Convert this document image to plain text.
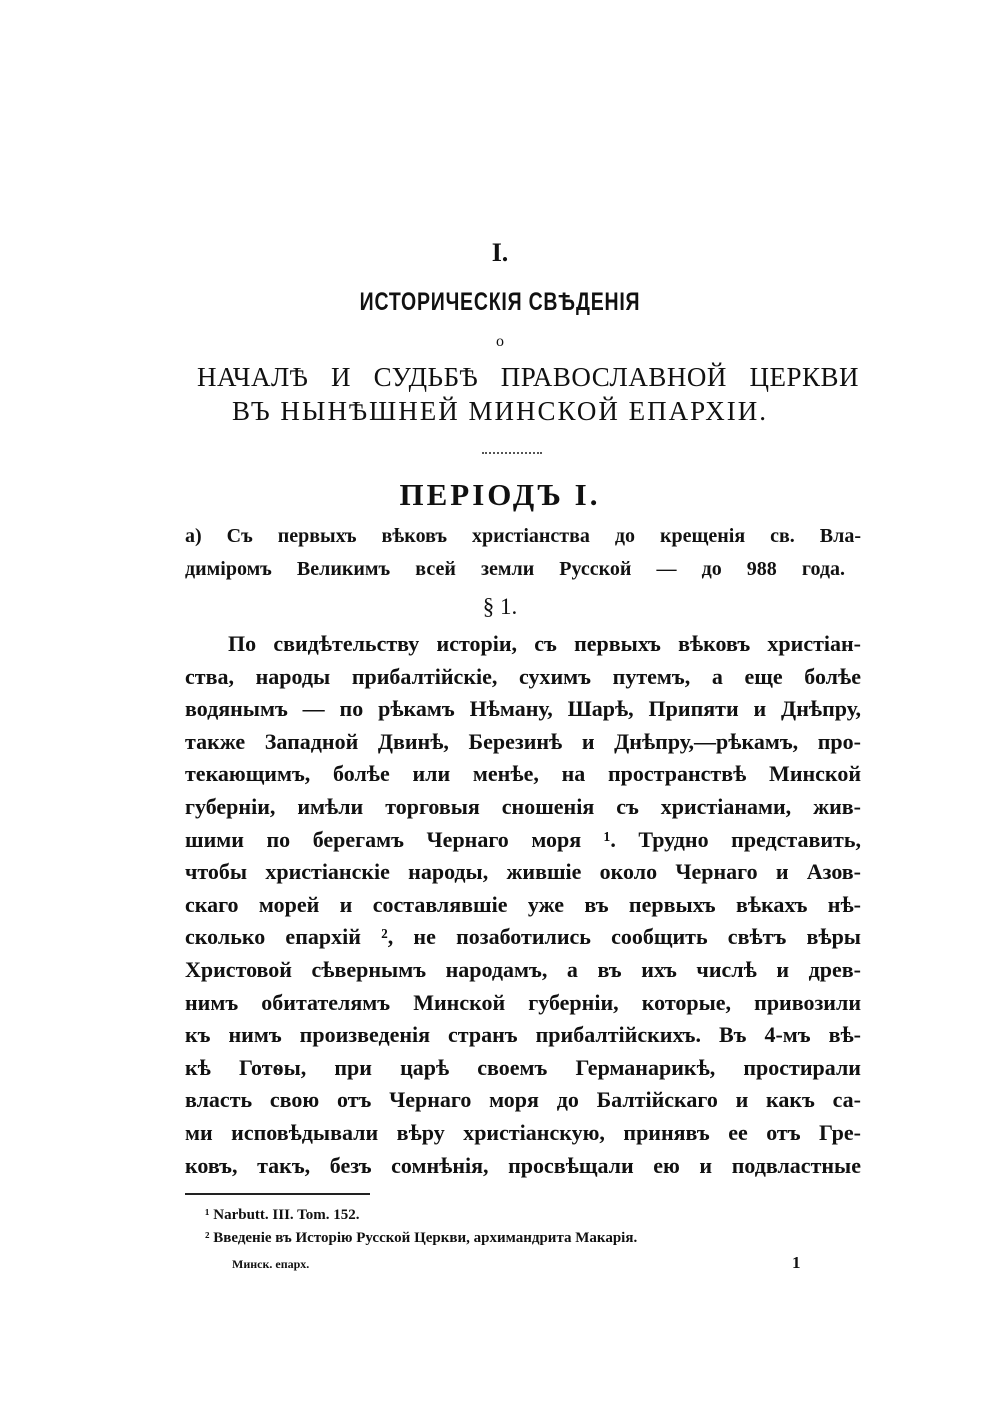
I.
ИСТОРИЧЕСКІЯ СВѢДЕНІЯ
о
НАЧАЛѢ И СУДЬБѢ ПРАВОСЛАВНОЙ ЦЕРКВИ
ВЪ НЫНѢШНЕЙ МИНСКОЙ ЕПАРХІИ.
ПЕРІОДЪ I.
а) Съ первыхъ вѣковъ христіанства до крещенія св. Вла-
диміромъ Великимъ всей земли Русской — до 988 года.
§ 1.
По свидѣтельству исторіи, съ первыхъ вѣковъ христіан-
ства, народы прибалтійскіе, сухимъ путемъ, а еще болѣе
водянымъ — по рѣкамъ Нѣману, Шарѣ, Припяти и Днѣпру,
также Западной Двинѣ, Березинѣ и Днѣпру,—рѣкамъ, про-
текающимъ, болѣе или менѣе, на пространствѣ Минской
губерніи, имѣли торговыя сношенія съ христіанами, жив-
шими по берегамъ Чернаго моря ¹. Трудно представить,
чтобы христіанскіе народы, жившіе около Чернаго и Азов-
скаго морей и составлявшіе уже въ первыхъ вѣкахъ нѣ-
сколько епархій ², не позаботились сообщить свѣтъ вѣры
Христовой сѣвернымъ народамъ, а въ ихъ числѣ и древ-
нимъ обитателямъ Минской губерніи, которые, привозили
къ нимъ произведенія странъ прибалтійскихъ. Въ 4-мъ вѣ-
кѣ Готѳы, при царѣ своемъ Германарикѣ, простирали
власть свою отъ Чернаго моря до Балтійскаго и какъ са-
ми исповѣдывали вѣру христіанскую, принявъ ее отъ Гре-
ковъ, такъ, безъ сомнѣнія, просвѣщали ею и подвластные
¹ Narbutt. III. Tom. 152.
² Введеніе въ Исторію Русской Церкви, архимандрита Макарія.
Минск. епарх.	1
